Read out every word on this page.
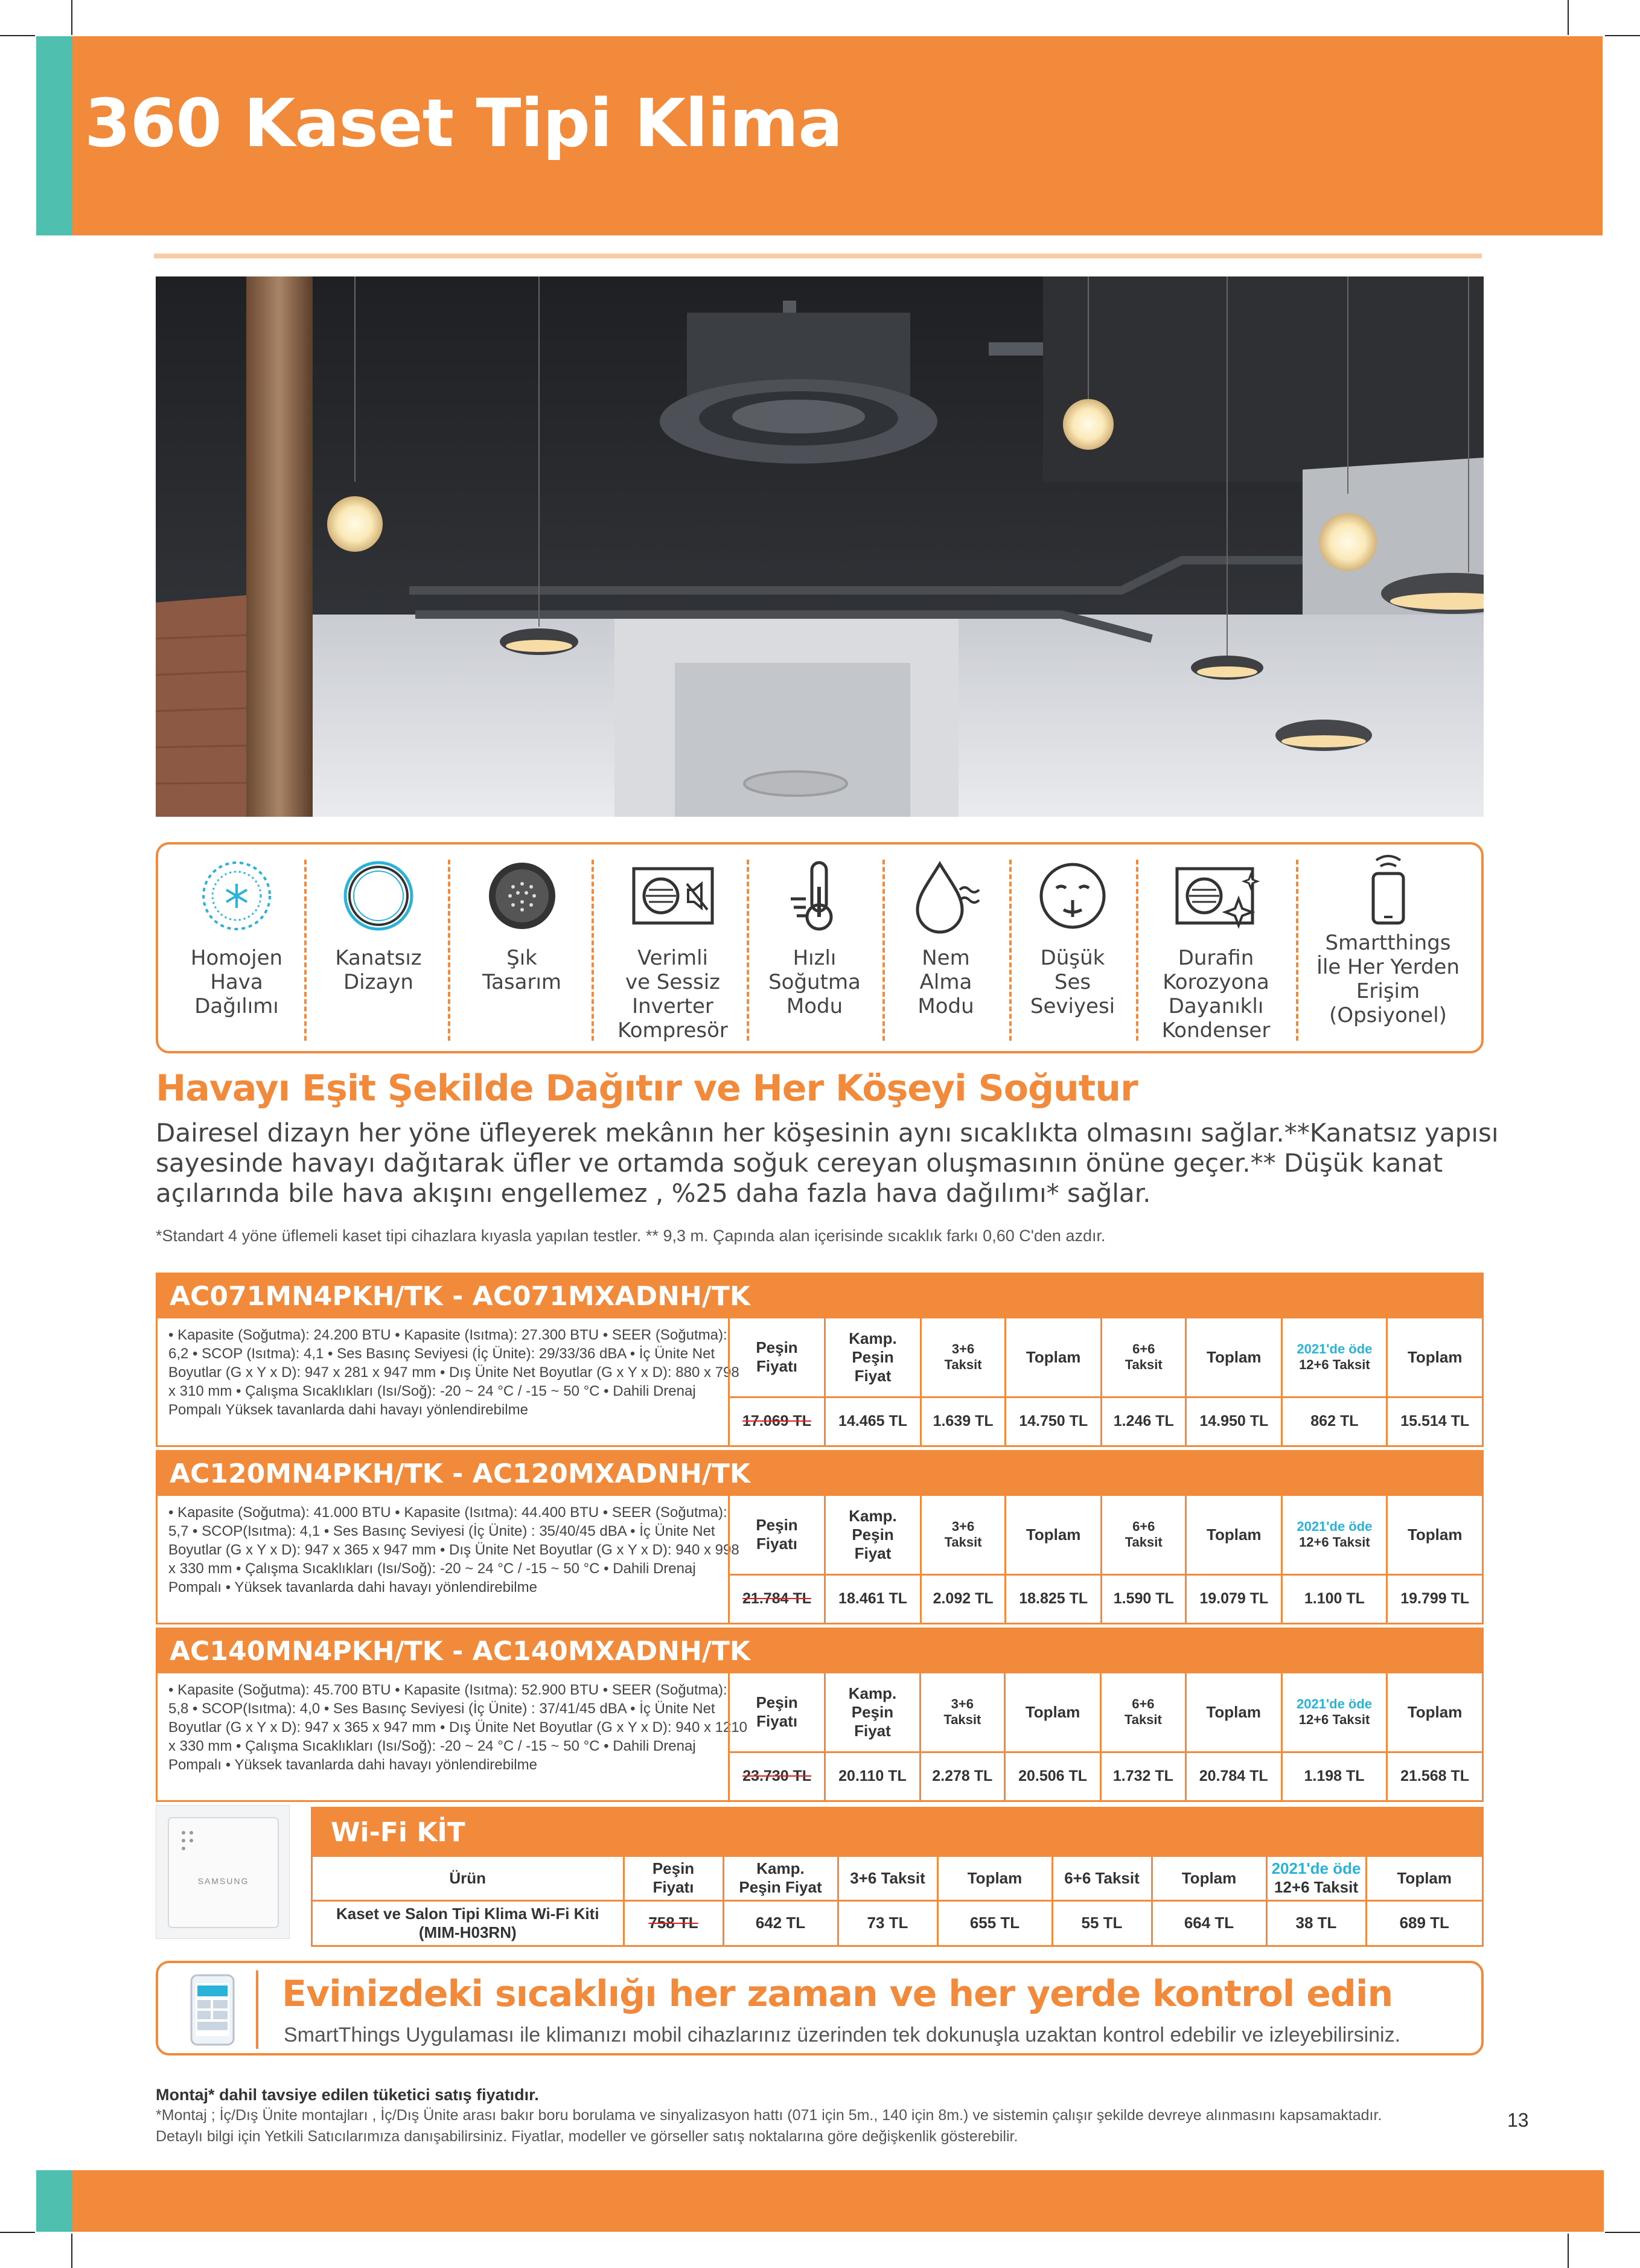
360 Kaset Tipi Klima
Homojen
Hava
Dağılımı
Kanatsız
Dizayn
Şık
Tasarım
Verimli
ve Sessiz
Inverter
Kompresör
Hızlı
Soğutma
Modu
Nem
Alma
Modu
Düşük
Ses
Seviyesi
Durafin
Korozyona
Dayanıklı
Kondenser
Smartthings
İle Her Yerden
Erişim
(Opsiyonel)
Havayı Eşit Şekilde Dağıtır ve Her Köşeyi Soğutur
Dairesel dizayn her yöne üfleyerek mekânın her köşesinin aynı sıcaklıkta olmasını sağlar.**Kanatsız yapısı sayesinde havayı dağıtarak üfler ve ortamda soğuk cereyan oluşmasının önüne geçer.** Düşük kanat açılarında bile hava akışını engellemez , %25 daha fazla hava dağılımı* sağlar.
*Standart 4 yöne üflemeli kaset tipi cihazlara kıyasla yapılan testler. ** 9,3 m. Çapında alan içerisinde sıcaklık farkı 0,60 C'den azdır.
AC071MN4PKH/TK - AC071MXADNH/TK
• Kapasite (Soğutma): 24.200 BTU • Kapasite (Isıtma): 27.300 BTU • SEER (Soğutma): 6,2 • SCOP (Isıtma): 4,1 • Ses Basınç Seviyesi (İç Ünite): 29/33/36 dBA • İç Ünite Net Boyutlar (G x Y x D): 947 x 281 x 947 mm • Dış Ünite Net Boyutlar (G x Y x D): 880 x 798 x 310 mm • Çalışma Sıcaklıkları (Isı/Soğ): -20 ~ 24 °C / -15 ~ 50 °C • Dahili Drenaj Pompalı Yüksek tavanlarda dahi havayı yönlendirebilme
Peşin
Fiyatı	Kamp.
Peşin
Fiyat	3+6
Taksit	Toplam	6+6
Taksit	Toplam	2021'de öde
12+6 Taksit	Toplam
17.069 TL	14.465 TL	1.639 TL	14.750 TL	1.246 TL	14.950 TL	862 TL	15.514 TL
AC120MN4PKH/TK - AC120MXADNH/TK
• Kapasite (Soğutma): 41.000 BTU • Kapasite (Isıtma): 44.400 BTU • SEER (Soğutma): 5,7 • SCOP(Isıtma): 4,1 • Ses Basınç Seviyesi (İç Ünite) : 35/40/45 dBA • İç Ünite Net Boyutlar (G x Y x D): 947 x 365 x 947 mm • Dış Ünite Net Boyutlar (G x Y x D): 940 x 998 x 330 mm • Çalışma Sıcaklıkları (Isı/Soğ): -20 ~ 24 °C / -15 ~ 50 °C • Dahili Drenaj Pompalı • Yüksek tavanlarda dahi havayı yönlendirebilme
Peşin
Fiyatı	Kamp.
Peşin
Fiyat	3+6
Taksit	Toplam	6+6
Taksit	Toplam	2021'de öde
12+6 Taksit	Toplam
21.784 TL	18.461 TL	2.092 TL	18.825 TL	1.590 TL	19.079 TL	1.100 TL	19.799 TL
AC140MN4PKH/TK - AC140MXADNH/TK
• Kapasite (Soğutma): 45.700 BTU • Kapasite (Isıtma): 52.900 BTU • SEER (Soğutma): 5,8 • SCOP(Isıtma): 4,0 • Ses Basınç Seviyesi (İç Ünite) : 37/41/45 dBA • İç Ünite Net Boyutlar (G x Y x D): 947 x 365 x 947 mm • Dış Ünite Net Boyutlar (G x Y x D): 940 x 1210 x 330 mm • Çalışma Sıcaklıkları (Isı/Soğ): -20 ~ 24 °C / -15 ~ 50 °C • Dahili Drenaj Pompalı • Yüksek tavanlarda dahi havayı yönlendirebilme
Peşin
Fiyatı	Kamp.
Peşin
Fiyat	3+6
Taksit	Toplam	6+6
Taksit	Toplam	2021'de öde
12+6 Taksit	Toplam
23.730 TL	20.110 TL	2.278 TL	20.506 TL	1.732 TL	20.784 TL	1.198 TL	21.568 TL
SAMSUNG
Wi-Fi KİT
Ürün	Peşin
Fiyatı	Kamp.
Peşin Fiyat	3+6 Taksit	Toplam	6+6 Taksit	Toplam	2021'de öde
12+6 Taksit	Toplam
Kaset ve Salon Tipi Klima Wi-Fi Kiti
(MIM-H03RN)	758 TL	642 TL	73 TL	655 TL	55 TL	664 TL	38 TL	689 TL
Evinizdeki sıcaklığı her zaman ve her yerde kontrol edin
SmartThings Uygulaması ile klimanızı mobil cihazlarınız üzerinden tek dokunuşla uzaktan kontrol edebilir ve izleyebilirsiniz.
Montaj* dahil tavsiye edilen tüketici satış fiyatıdır.
*Montaj ; İç/Dış Ünite montajları , İç/Dış Ünite arası bakır boru borulama ve sinyalizasyon hattı (071 için 5m., 140 için 8m.) ve sistemin çalışır şekilde devreye alınmasını kapsamaktadır.
Detaylı bilgi için Yetkili Satıcılarımıza danışabilirsiniz. Fiyatlar, modeller ve görseller satış noktalarına göre değişkenlik gösterebilir.
13
